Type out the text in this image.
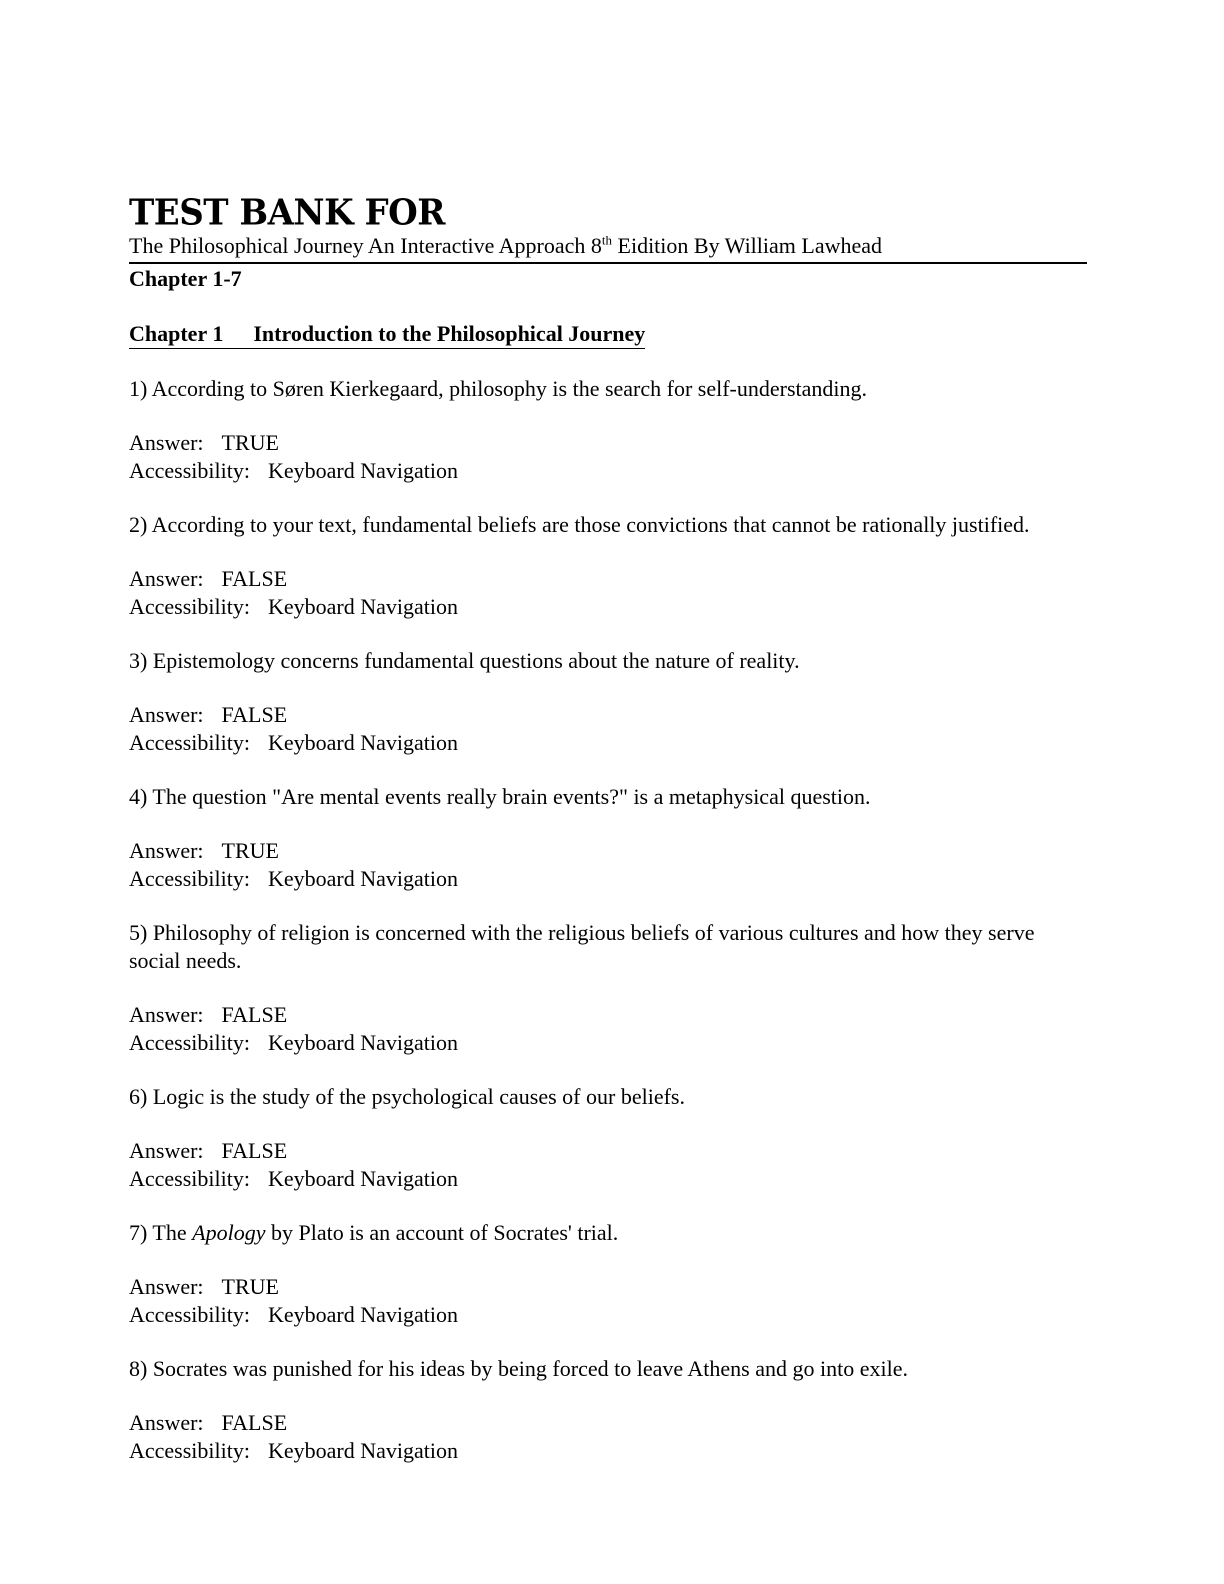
TEST BANK FOR

The Philosophical Journey An Interactive Approach 8th Eidition By William Lawhead

Chapter 1-7

Chapter 1 Introduction to the Philosophical Journey

1) According to Søren Kierkegaard, philosophy is the search for self-understanding.

Answer: TRUE

Accessibility: Keyboard Navigation

2) According to your text, fundamental beliefs are those convictions that cannot be rationally justified.

Answer: FALSE

Accessibility: Keyboard Navigation

3) Epistemology concerns fundamental questions about the nature of reality.

Answer: FALSE

Accessibility: Keyboard Navigation

4) The question "Are mental events really brain events?" is a metaphysical question.

Answer: TRUE

Accessibility: Keyboard Navigation

5) Philosophy of religion is concerned with the religious beliefs of various cultures and how they serve social needs.

Answer: FALSE

Accessibility: Keyboard Navigation

6) Logic is the study of the psychological causes of our beliefs.

Answer: FALSE

Accessibility: Keyboard Navigation

7) The Apology by Plato is an account of Socrates' trial.

Answer: TRUE

Accessibility: Keyboard Navigation

8) Socrates was punished for his ideas by being forced to leave Athens and go into exile.

Answer: FALSE

Accessibility: Keyboard Navigation
